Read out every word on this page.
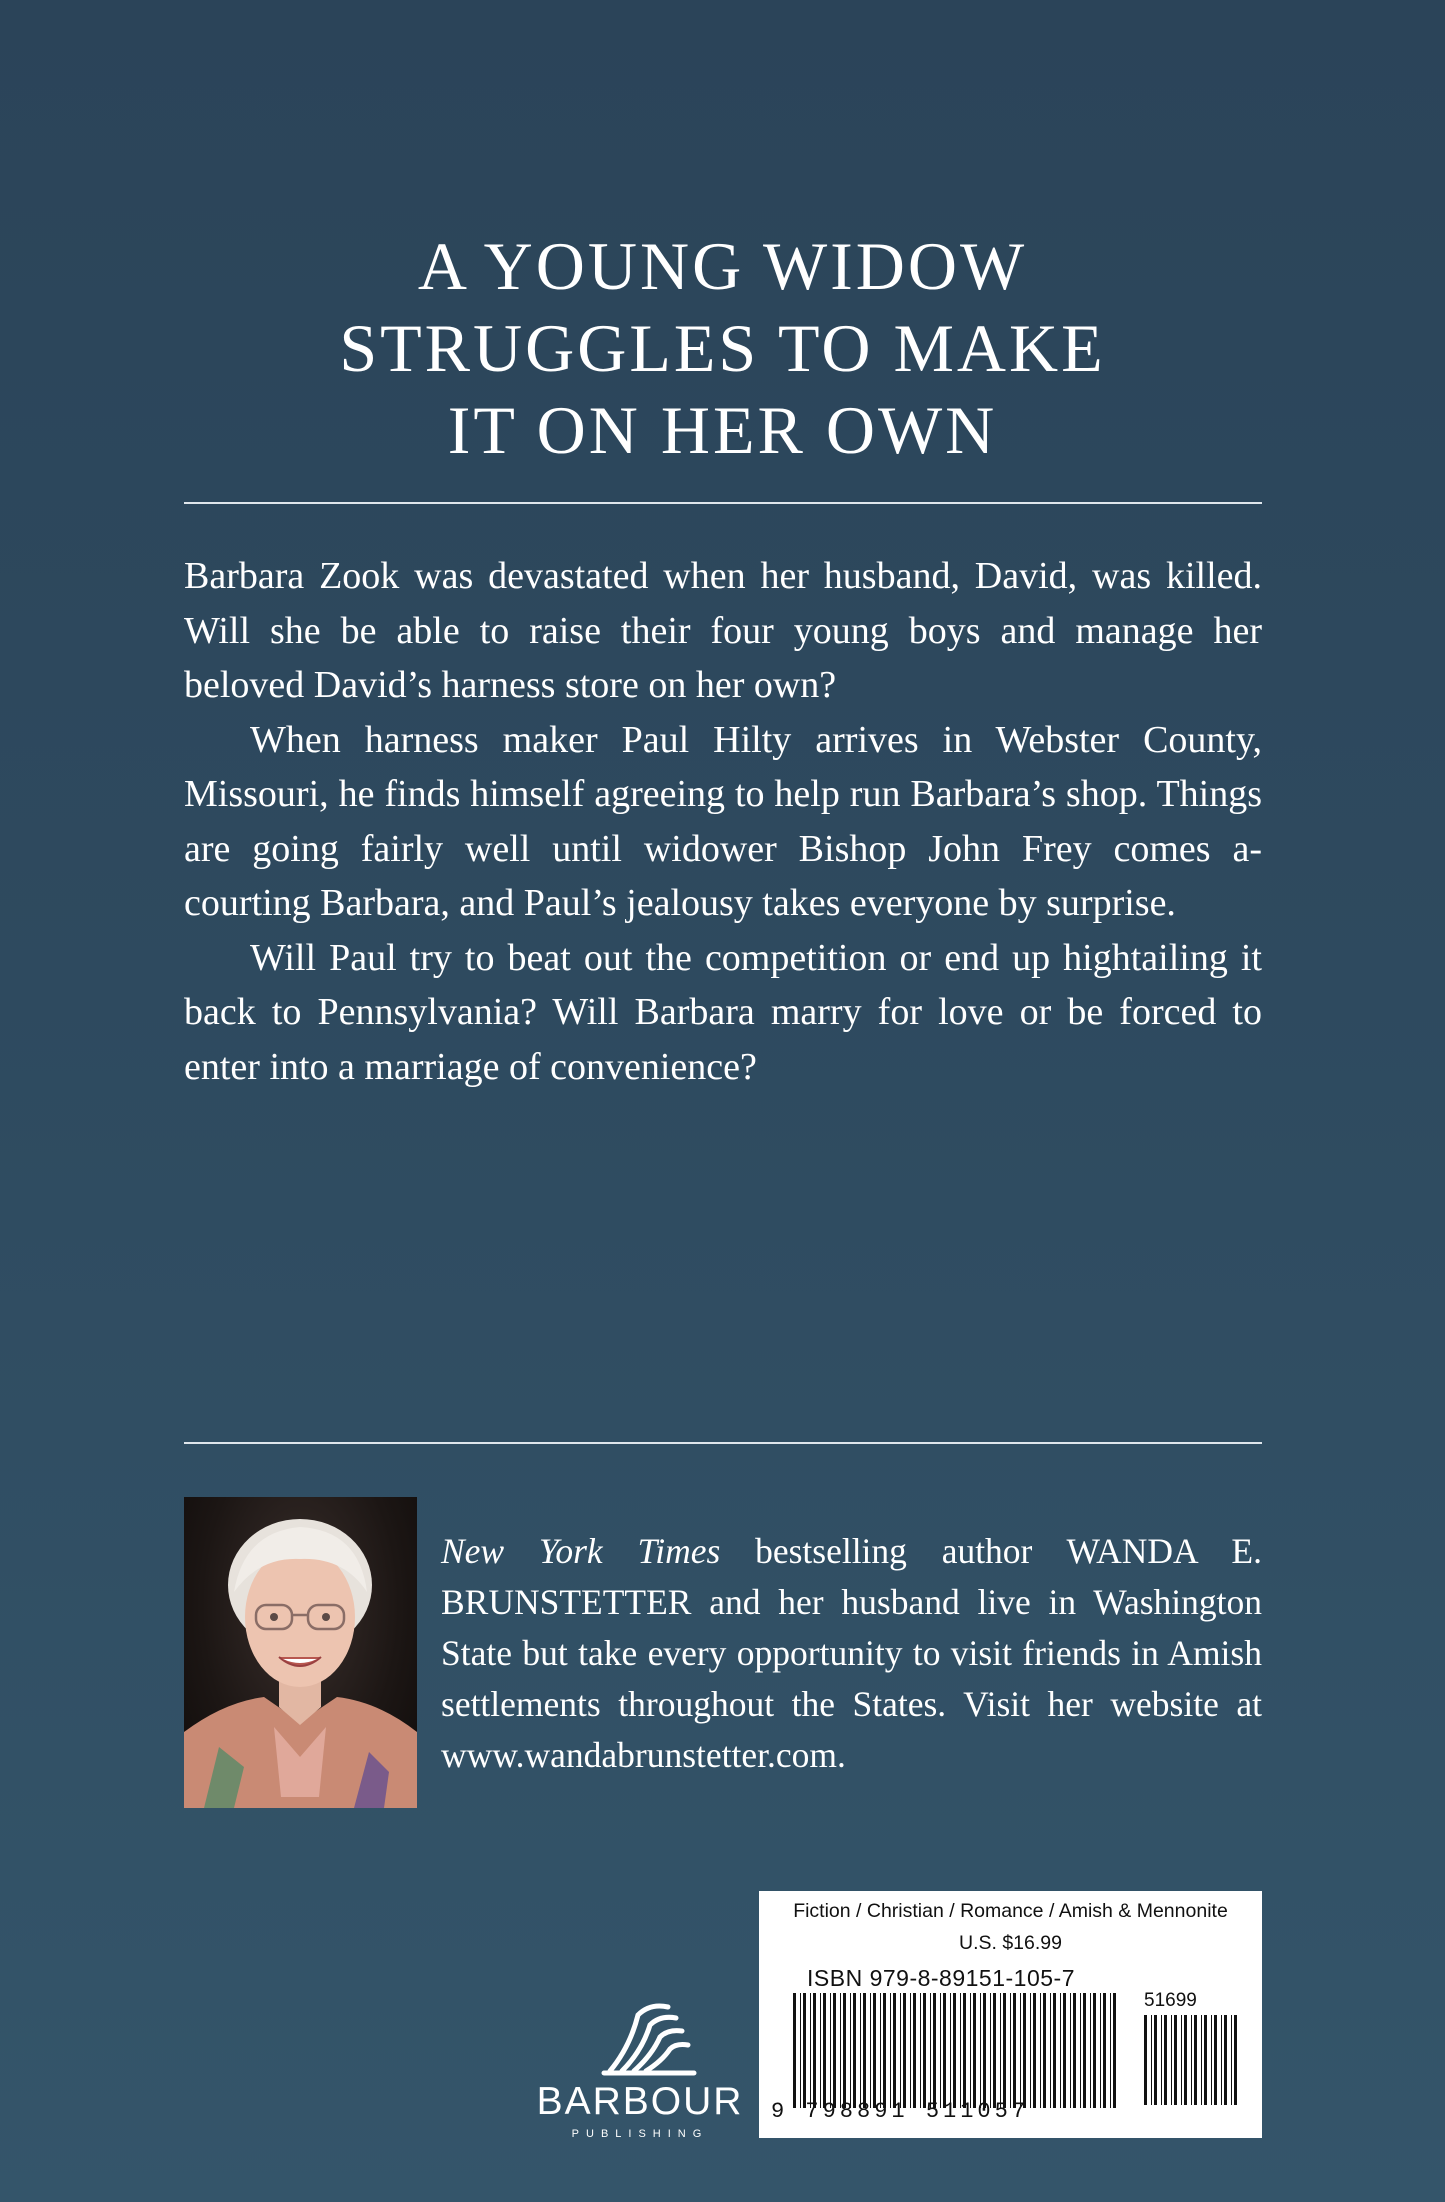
A YOUNG WIDOW
STRUGGLES TO MAKE
IT ON HER OWN

Barbara Zook was devastated when her husband, David, was killed. Will she be able to raise their four young boys and manage her beloved David’s harness store on her own?

When harness maker Paul Hilty arrives in Webster County, Missouri, he finds himself agreeing to help run Barbara’s shop. Things are going fairly well until widower Bishop John Frey comes a-courting Barbara, and Paul’s jealousy takes everyone by surprise.

Will Paul try to beat out the competition or end up hightailing it back to Pennsylvania? Will Barbara marry for love or be forced to enter into a marriage of convenience?

New York Times bestselling author WANDA E. BRUNSTETTER and her husband live in Washington State but take every opportunity to visit friends in Amish settlements throughout the States. Visit her website at www.wandabrunstetter.com.
BARBOUR
PUBLISHING
Fiction / Christian / Romance / Amish & Mennonite
U.S. $16.99
ISBN 979-8-89151-105-7
51699
9 798891 511057
